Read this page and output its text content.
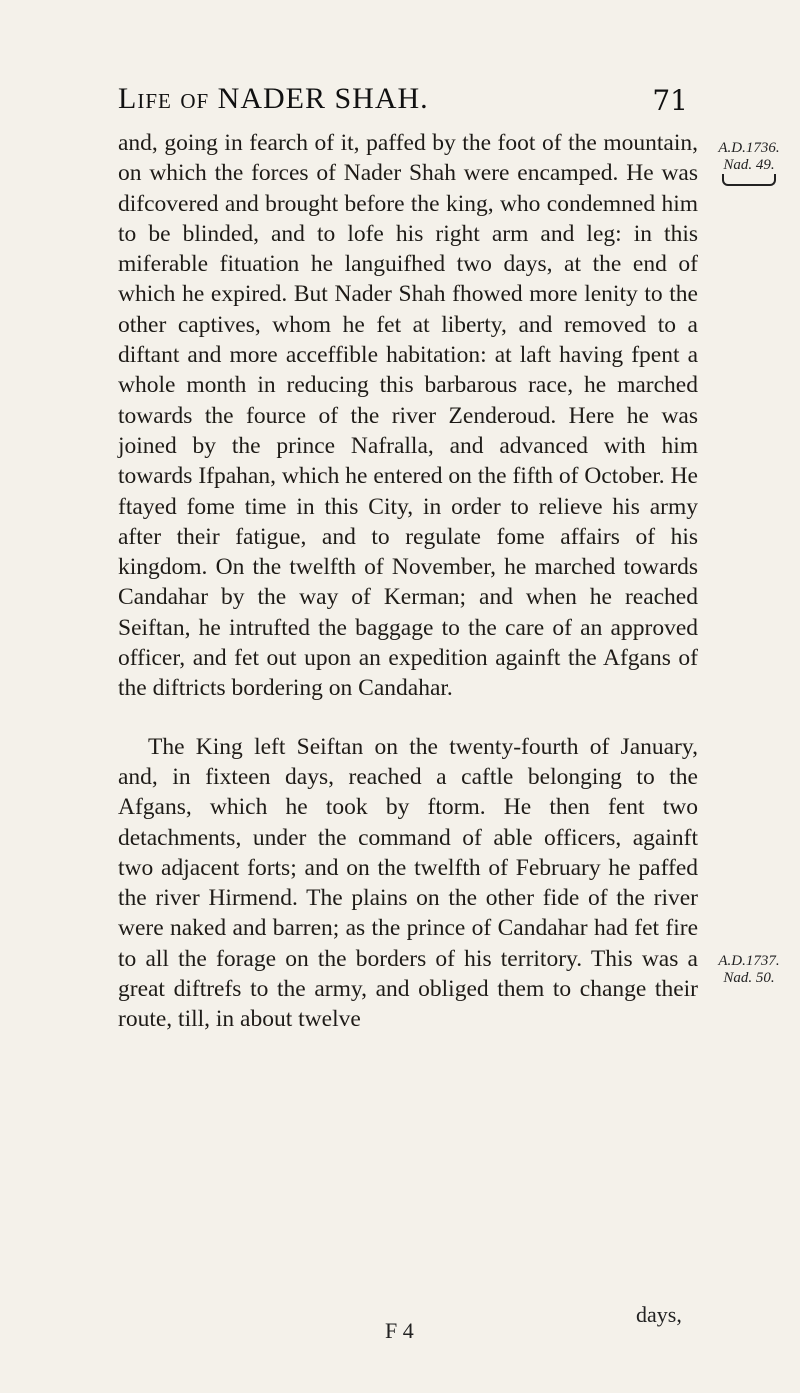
Life of NADER SHAH.	71
A.D.1736.
Nad. 49.
A.D.1737.
Nad. 50.

and, going in fearch of it, paffed by the foot of the mountain, on which the forces of Nader Shah were encamped. He was difcovered and brought before the king, who condemned him to be blinded, and to lofe his right arm and leg: in this miferable fituation he languifhed two days, at the end of which he expired. But Nader Shah fhowed more lenity to the other captives, whom he fet at liberty, and removed to a diftant and more acceffible habitation: at laft having fpent a whole month in reducing this barbarous race, he marched towards the fource of the river Zenderoud. Here he was joined by the prince Nafralla, and advanced with him towards Ifpahan, which he entered on the fifth of October. He ftayed fome time in this City, in order to relieve his army after their fatigue, and to regulate fome affairs of his kingdom. On the twelfth of November, he marched towards Candahar by the way of Kerman; and when he reached Seiftan, he intrufted the baggage to the care of an approved officer, and fet out upon an expedition againft the Afgans of the diftricts bordering on Candahar.

The King left Seiftan on the twenty-fourth of January, and, in fixteen days, reached a caftle belonging to the Afgans, which he took by ftorm. He then fent two detachments, under the command of able officers, againft two adjacent forts; and on the twelfth of February he paffed the river Hirmend. The plains on the other fide of the river were naked and barren; as the prince of Candahar had fet fire to all the forage on the borders of his territory. This was a great diftrefs to the army, and obliged them to change their route, till, in about twelve

F 4
days,
